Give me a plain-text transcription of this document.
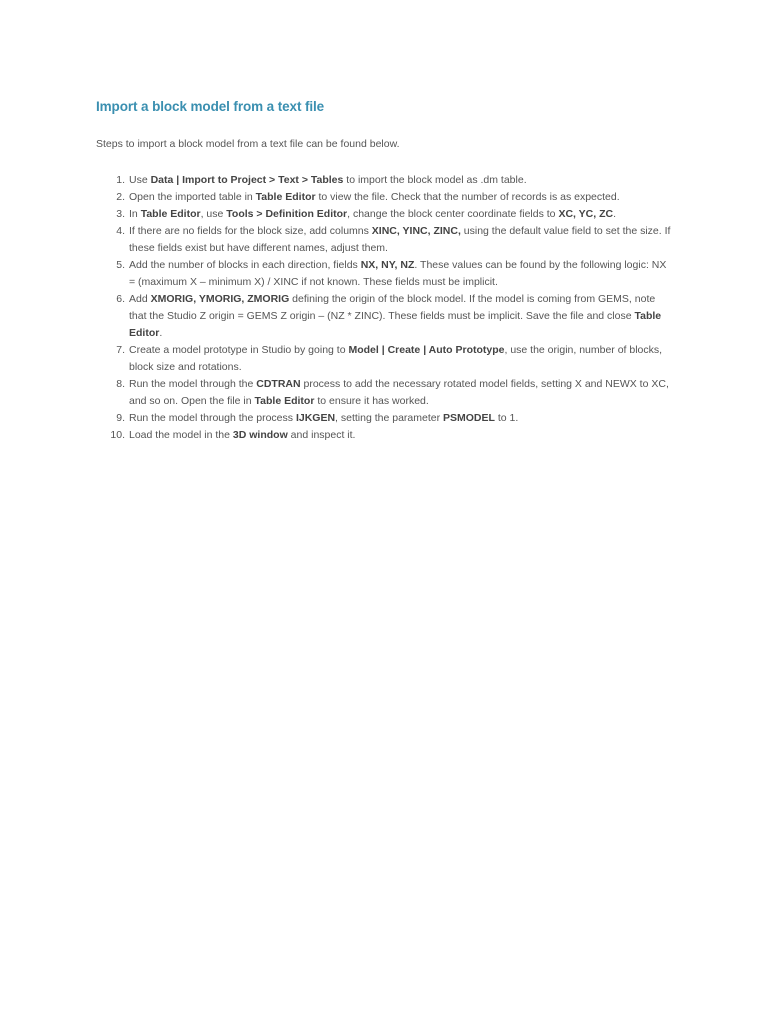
Import a block model from a text file

Steps to import a block model from a text file can be found below.

1. Use Data | Import to Project > Text > Tables to import the block model as .dm table.
2. Open the imported table in Table Editor to view the file. Check that the number of records is as expected.
3. In Table Editor, use Tools > Definition Editor, change the block center coordinate fields to XC, YC, ZC.
4. If there are no fields for the block size, add columns XINC, YINC, ZINC, using the default value field to set the size. If these fields exist but have different names, adjust them.
5. Add the number of blocks in each direction, fields NX, NY, NZ. These values can be found by the following logic: NX = (maximum X – minimum X) / XINC if not known. These fields must be implicit.
6. Add XMORIG, YMORIG, ZMORIG defining the origin of the block model. If the model is coming from GEMS, note that the Studio Z origin = GEMS Z origin – (NZ * ZINC). These fields must be implicit. Save the file and close Table Editor.
7. Create a model prototype in Studio by going to Model | Create | Auto Prototype, use the origin, number of blocks, block size and rotations.
8. Run the model through the CDTRAN process to add the necessary rotated model fields, setting X and NEWX to XC, and so on. Open the file in Table Editor to ensure it has worked.
9. Run the model through the process IJKGEN, setting the parameter PSMODEL to 1.
10. Load the model in the 3D window and inspect it.
